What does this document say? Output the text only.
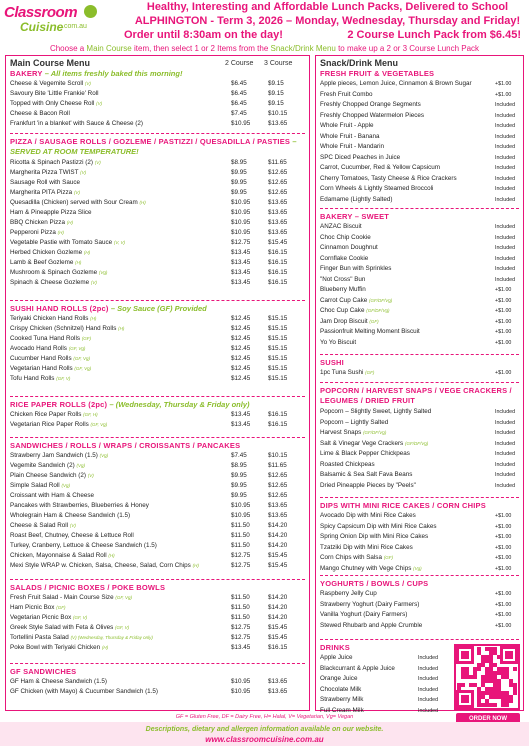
Classroom
Cuisine
.com.au
Healthy, Interesting and Affordable Lunch Packs, Delivered to School
ALPHINGTON - Term 3, 2026 – Monday, Wednesday, Thursday and Friday!
Order until 8:30am on the day!	2 Course Lunch Pack from $6.45!
Choose a Main Course item, then select 1 or 2 Items from the Snack/Drink Menu to make up a 2 or 3 Course Lunch Pack
Main Course Menu	2 Course 3 Course
BAKERY – All items freshly baked this morning!
Cheese & Vegemite Scroll (V)	$6.45	$9.15
Savoury Bite 'Little Frankie' Roll	$6.45	$9.15
Topped with Only Cheese Roll (V)	$6.45	$9.15
Cheese & Bacon Roll	$7.45	$10.15
Frankfurt 'in a blanket' with Sauce & Cheese (2)	$10.95	$13.65
PIZZA / SAUSAGE ROLLS / GOZLEME / PASTIZZI / QUESADILLA / PASTIES – SERVED AT ROOM TEMPERATURE!
Ricotta & Spinach Pastizzi (2) (V)	$8.95	$11.65
Margherita Pizza TWIST (V)	$9.95	$12.65
Sausage Roll with Sauce	$9.95	$12.65
Margherita PITA Pizza (V)	$9.95	$12.65
Quesadilla (Chicken) served with Sour Cream (H)	$10.95	$13.65
Ham & Pineapple Pizza Slice	$10.95	$13.65
BBQ Chicken Pizza (H)	$10.95	$13.65
Pepperoni Pizza (H)	$10.95	$13.65
Vegetable Pastie with Tomato Sauce (V, V)	$12.75	$15.45
Herbed Chicken Gozleme (H)	$13.45	$16.15
Lamb & Beef Gozleme (H)	$13.45	$16.15
Mushroom & Spinach Gozleme (Vg)	$13.45	$16.15
Spinach & Cheese Gozleme (V)	$13.45	$16.15
SUSHI HAND ROLLS (2pc) – Soy Sauce (GF) Provided
Teriyaki Chicken Hand Rolls (H)	$12.45	$15.15
Crispy Chicken (Schnitzel) Hand Rolls (H)	$12.45	$15.15
Cooked Tuna Hand Rolls (GF)	$12.45	$15.15
Avocado Hand Rolls (GF, Vg)	$12.45	$15.15
Cucumber Hand Rolls (GF, Vg)	$12.45	$15.15
Vegetarian Hand Rolls (GF, Vg)	$12.45	$15.15
Tofu Hand Rolls (GF, V)	$12.45	$15.15
RICE PAPER ROLLS (2pc) – (Wednesday, Thursday & Friday only)
Chicken Rice Paper Rolls (GF, H)	$13.45	$16.15
Vegetarian Rice Paper Rolls (GF, Vg)	$13.45	$16.15
SANDWICHES / ROLLS / WRAPS / CROISSANTS / PANCAKES
Strawberry Jam Sandwich (1.5) (Vg)	$7.45	$10.15
Vegemite Sandwich (2) (Vg)	$8.95	$11.65
Plain Cheese Sandwich (2) (V)	$9.95	$12.65
Simple Salad Roll (Vg)	$9.95	$12.65
Croissant with Ham & Cheese	$9.95	$12.65
Pancakes with Strawberries, Blueberries & Honey	$10.95	$13.65
Wholegrain Ham & Cheese Sandwich (1.5)	$10.95	$13.65
Cheese & Salad Roll (V)	$11.50	$14.20
Roast Beef, Chutney, Cheese & Lettuce Roll	$11.50	$14.20
Turkey, Cranberry, Lettuce & Cheese Sandwich (1.5)	$11.50	$14.20
Chicken, Mayonnaise & Salad Roll (H)	$12.75	$15.45
Mexi Style WRAP w. Chicken, Salsa, Cheese, Salad, Corn Chips (H)	$12.75	$15.45
SALADS / PICNIC BOXES / POKE BOWLS
Fresh Fruit Salad - Main Course Size (GF, Vg)	$11.50	$14.20
Ham Picnic Box (GF)	$11.50	$14.20
Vegetarian Picnic Box (GF, V)	$11.50	$14.20
Greek Style Salad with Feta & Olives (GF, V)	$12.75	$15.45
Tortellini Pasta Salad (V) (Wednesday, Thursday & Friday only)	$12.75	$15.45
Poke Bowl with Teriyaki Chicken (H)	$13.45	$16.15
GF SANDWICHES
GF Ham & Cheese Sandwich (1.5)	$10.95	$13.65
GF Chicken (with Mayo) & Cucumber Sandwich (1.5)	$10.95	$13.65
Snack/Drink Menu
FRESH FRUIT & VEGETABLES
Apple pieces, Lemon Juice, Cinnamon & Brown Sugar	+$1.00
Fresh Fruit Combo	+$1.00
Freshly Chopped Orange Segments	Included
Freshly Chopped Watermelon Pieces	Included
Whole Fruit - Apple	Included
Whole Fruit - Banana	Included
Whole Fruit - Mandarin	Included
SPC Diced Peaches in Juice	Included
Carrot, Cucumber, Red & Yellow Capsicum	Included
Cherry Tomatoes, Tasty Cheese & Rice Crackers	Included
Corn Wheels & Lightly Steamed Broccoli	Included
Edamame (Lightly Salted)	Included
BAKERY – SWEET
ANZAC Biscuit	Included
Choc Chip Cookie	Included
Cinnamon Doughnut	Included
Cornflake Cookie	Included
Finger Bun with Sprinkles	Included
"Not Cross" Bun	Included
Blueberry Muffin	+$1.00
Carrot Cup Cake (GF/DF/Vg)	+$1.00
Choc Cup Cake (GF/DF/Vg)	+$1.00
Jam Drop Biscuit (GF)	+$1.00
Passionfruit Melting Moment Biscuit	+$1.00
Yo Yo Biscuit	+$1.00
SUSHI
1pc Tuna Sushi (GF)	+$1.00
POPCORN / HARVEST SNAPS / VEGE CRACKERS / LEGUMES / DRIED FRUIT
Popcorn – Slightly Sweet, Lightly Salted	Included
Popcorn – Lightly Salted	Included
Harvest Snaps (GF/DF/Vg)	Included
Salt & Vinegar Vege Crackers (GF/DF/Vg)	Included
Lime & Black Pepper Chickpeas	Included
Roasted Chickpeas	Included
Balsamic & Sea Salt Fava Beans	Included
Dried Pineapple Pieces by "Peels"	Included
DIPS WITH MINI RICE CAKES / CORN CHIPS
Avocado Dip with Mini Rice Cakes	+$1.00
Spicy Capsicum Dip with Mini Rice Cakes	+$1.00
Spring Onion Dip with Mini Rice Cakes	+$1.00
Tzatziki Dip with Mini Rice Cakes	+$1.00
Corn Chips with Salsa (GF)	+$1.00
Mango Chutney with Vege Chips (Vg)	+$1.00
YOGHURTS / BOWLS / CUPS
Raspberry Jelly Cup	+$1.00
Strawberry Yoghurt (Dairy Farmers)	+$1.00
Vanilla Yoghurt (Dairy Farmers)	+$1.00
Stewed Rhubarb and Apple Crumble	+$1.00
DRINKS
Apple Juice	Included
Blackcurrant & Apple Juice	Included
Orange Juice	Included
Chocolate Milk	Included
Strawberry Milk	Included
Full Cream Milk	Included
ORDER NOW
GF = Gluten Free, DF = Dairy Free, H= Halal, V= Vegetarian, Vg= Vegan
Descriptions, dietary and allergen information available on our website.
www.classroomcuisine.com.au
